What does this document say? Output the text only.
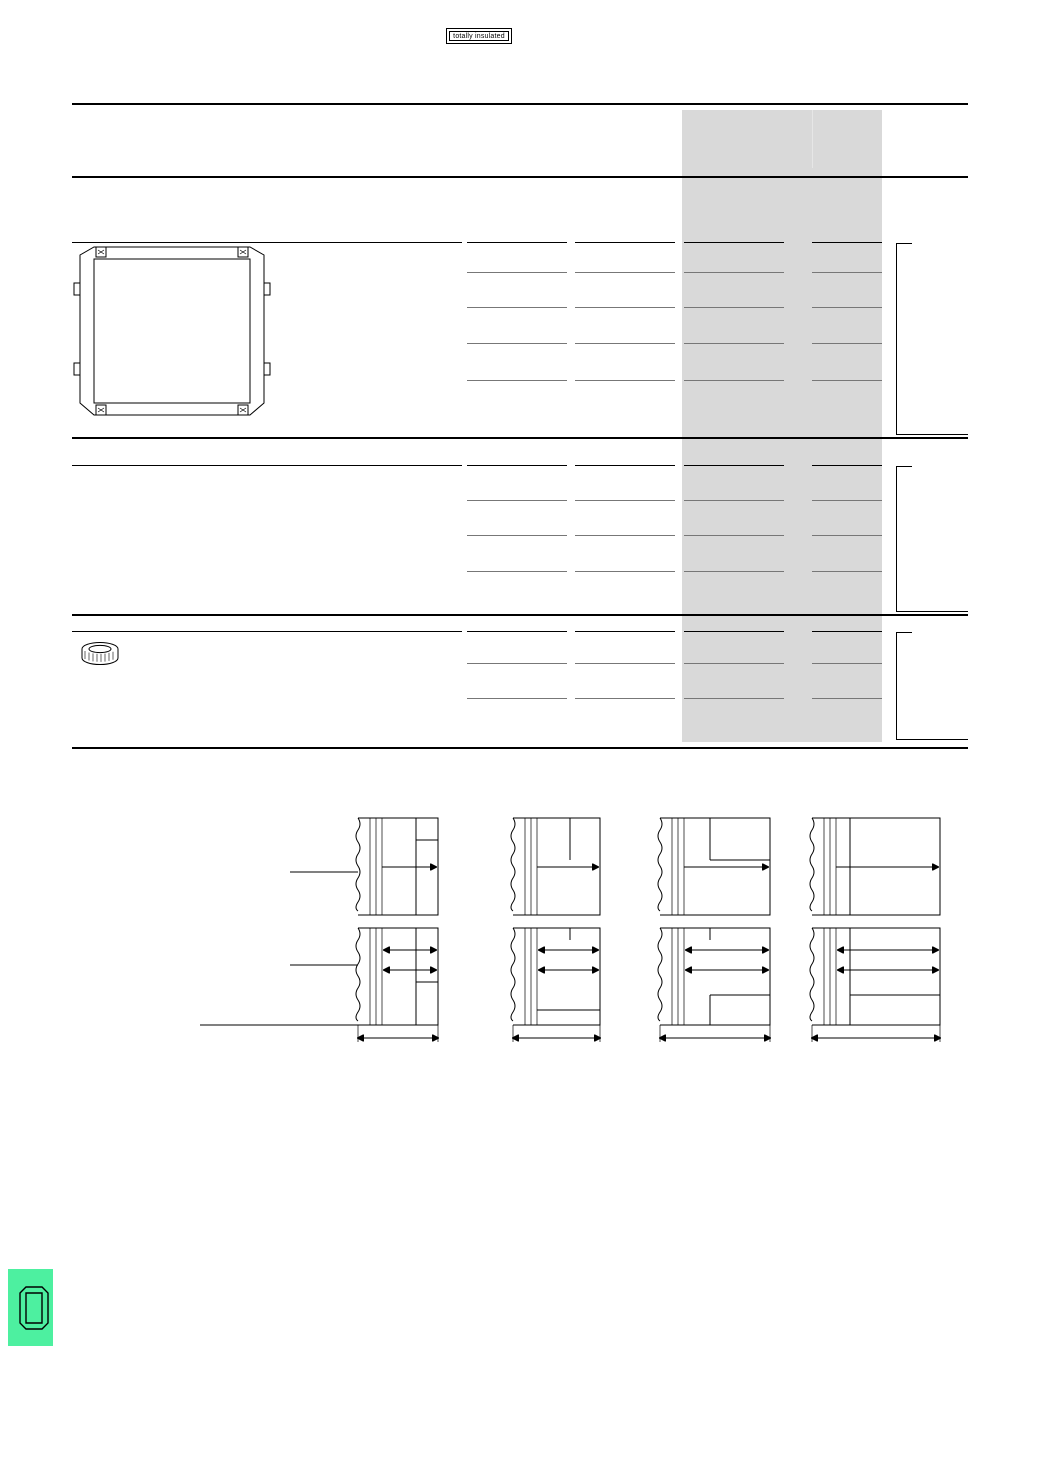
totally insulated
